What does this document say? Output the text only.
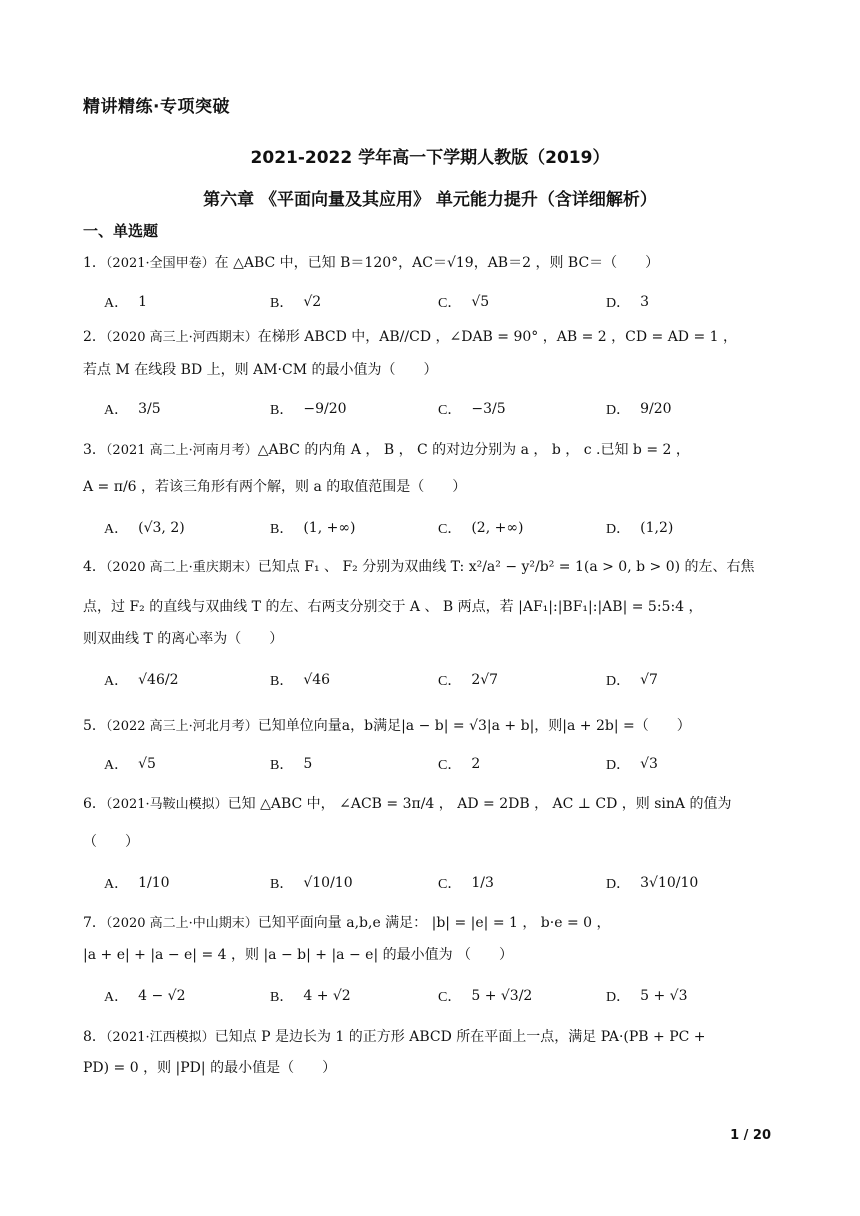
精讲精练·专项突破
2021-2022 学年高一下学期人教版（2019）
第六章 《平面向量及其应用》 单元能力提升（含详细解析）
一、单选题
1．（2021·全国甲卷）在 △ABC 中，已知 B＝120°，AC＝√19，AB＝2 ，则 BC＝（　　）
A． 1	B． √2	C． √5	D． 3
2．（2020 高三上·河西期末）在梯形 ABCD 中，AB//CD ，∠DAB = 90° ，AB = 2 ，CD = AD = 1 ，
若点 M 在线段 BD 上，则 AM·CM 的最小值为（　　）
A． 3/5	B． −9/20	C． −3/5	D． 9/20
3．（2021 高二上·河南月考）△ABC 的内角 A ， B ， C 的对边分别为 a ， b ， c .已知 b = 2 ，
A = π/6 ，若该三角形有两个解，则 a 的取值范围是（　　）
A． (√3, 2)	B． (1, +∞)	C． (2, +∞)	D． (1,2)
4．（2020 高二上·重庆期末）已知点 F₁ 、 F₂ 分别为双曲线 T: x²/a² − y²/b² = 1(a > 0, b > 0) 的左、右焦
点，过 F₂ 的直线与双曲线 T 的左、右两支分别交于 A 、 B 两点，若 |AF₁|:|BF₁|:|AB| = 5:5:4 ，
则双曲线 T 的离心率为（　　）
A． √46/2	B． √46	C． 2√7	D． √7
5．（2022 高三上·河北月考）已知单位向量a，b满足|a − b| = √3|a + b|，则|a + 2b| =（　　）
A． √5	B． 5	C． 2	D． √3
6．（2021·马鞍山模拟）已知 △ABC 中， ∠ACB = 3π/4 ， AD = 2DB ， AC ⊥ CD ，则 sinA 的值为
（　　）
A． 1/10	B． √10/10	C． 1/3	D． 3√10/10
7．（2020 高二上·中山期末）已知平面向量 a,b,e 满足： |b| = |e| = 1 ， b·e = 0 ，
|a + e| + |a − e| = 4 ，则 |a − b| + |a − e| 的最小值为 （　　）
A． 4 − √2	B． 4 + √2	C． 5 + √3/2	D． 5 + √3
8．（2021·江西模拟）已知点 P 是边长为 1 的正方形 ABCD 所在平面上一点，满足 PA·(PB + PC +
PD) = 0 ，则 |PD| 的最小值是（　　）
1 / 20
